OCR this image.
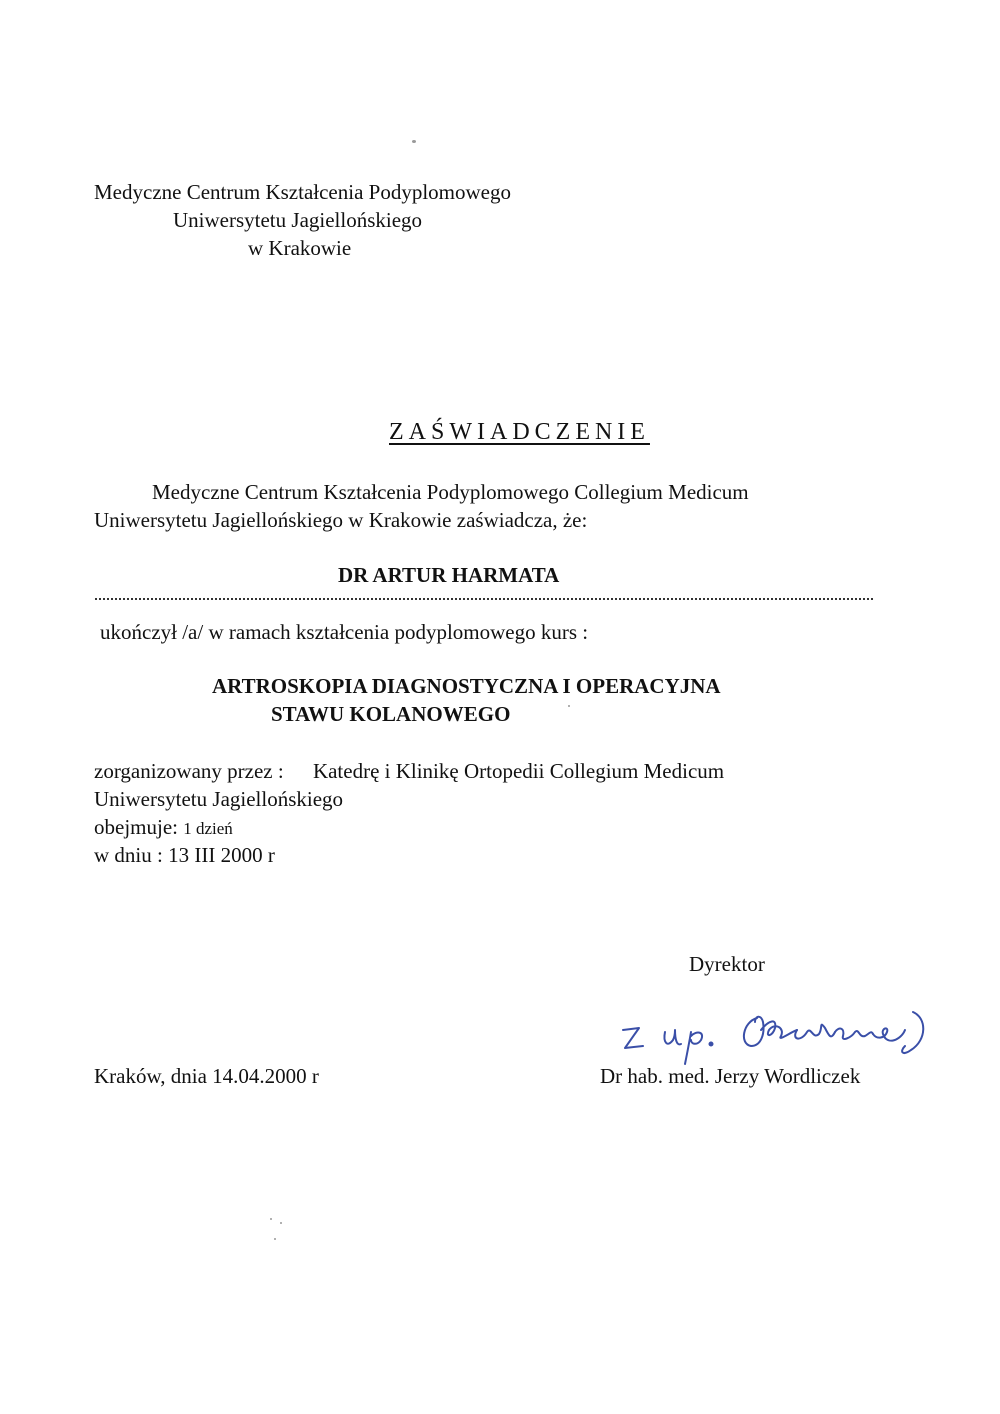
Medyczne Centrum Kształcenia Podyplomowego
Uniwersytetu Jagiellońskiego
w Krakowie
ZAŚWIADCZENIE
Medyczne Centrum Kształcenia Podyplomowego Collegium Medicum
Uniwersytetu Jagiellońskiego w Krakowie zaświadcza, że:
DR ARTUR HARMATA
ukończył /a/ w ramach kształcenia podyplomowego kurs :
ARTROSKOPIA DIAGNOSTYCZNA I OPERACYJNA
STAWU KOLANOWEGO
zorganizowany przez : Katedrę i Klinikę Ortopedii Collegium Medicum
Uniwersytetu Jagiellońskiego
obejmuje: 1 dzień
w dniu : 13 III 2000 r
Dyrektor
Kraków, dnia 14.04.2000 r	Dr hab. med. Jerzy Wordliczek
